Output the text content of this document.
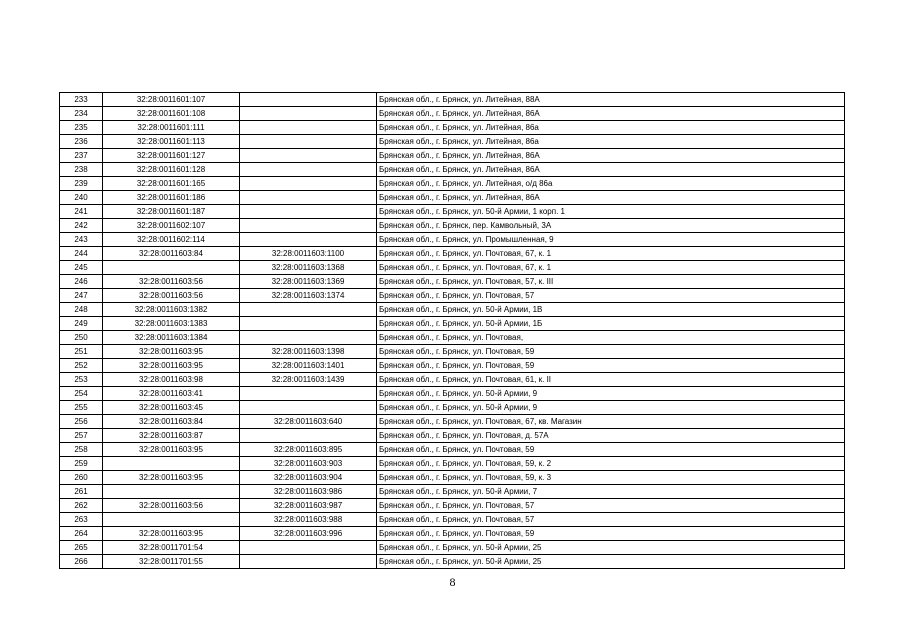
233	32:28:0011601:107		Брянская обл., г. Брянск, ул. Литейная, 88А
234	32:28:0011601:108		Брянская обл., г. Брянск, ул. Литейная, 86А
235	32:28:0011601:111		Брянская обл., г. Брянск, ул. Литейная, 86а
236	32:28:0011601:113		Брянская обл., г. Брянск, ул. Литейная, 86а
237	32:28:0011601:127		Брянская обл., г. Брянск, ул. Литейная, 86А
238	32:28:0011601:128		Брянская обл., г. Брянск, ул. Литейная, 86А
239	32:28:0011601:165		Брянская обл., г. Брянск, ул. Литейная, о/д 86а
240	32:28:0011601:186		Брянская обл., г. Брянск, ул. Литейная, 86А
241	32:28:0011601:187		Брянская обл., г. Брянск, ул. 50-й Армии, 1 корп. 1
242	32:28:0011602:107		Брянская обл., г. Брянск, пер. Камвольный, 3А
243	32:28:0011602:114		Брянская обл., г. Брянск, ул. Промышленная, 9
244	32:28:0011603:84	32:28:0011603:1100	Брянская обл., г. Брянск, ул. Почтовая, 67, к. 1
245		32:28:0011603:1368	Брянская обл., г. Брянск, ул. Почтовая, 67, к. 1
246	32:28:0011603:56	32:28:0011603:1369	Брянская обл., г. Брянск, ул. Почтовая, 57, к. III
247	32:28:0011603:56	32:28:0011603:1374	Брянская обл., г. Брянск, ул. Почтовая, 57
248	32:28:0011603:1382		Брянская обл., г. Брянск, ул. 50-й Армии, 1В
249	32:28:0011603:1383		Брянская обл., г. Брянск, ул. 50-й Армии, 1Б
250	32:28:0011603:1384		Брянская обл., г. Брянск, ул. Почтовая,
251	32:28:0011603:95	32:28:0011603:1398	Брянская обл., г. Брянск, ул. Почтовая, 59
252	32:28:0011603:95	32:28:0011603:1401	Брянская обл., г. Брянск, ул. Почтовая, 59
253	32:28:0011603:98	32:28:0011603:1439	Брянская обл., г. Брянск, ул. Почтовая, 61, к. II
254	32:28:0011603:41		Брянская обл., г. Брянск, ул. 50-й Армии, 9
255	32:28:0011603:45		Брянская обл., г. Брянск, ул. 50-й Армии, 9
256	32:28:0011603:84	32:28:0011603:640	Брянская обл., г. Брянск, ул. Почтовая, 67, кв. Магазин
257	32:28:0011603:87		Брянская обл., г. Брянск, ул. Почтовая, д. 57А
258	32:28:0011603:95	32:28:0011603:895	Брянская обл., г. Брянск, ул. Почтовая, 59
259		32:28:0011603:903	Брянская обл., г. Брянск, ул. Почтовая, 59, к. 2
260	32:28:0011603:95	32:28:0011603:904	Брянская обл., г. Брянск, ул. Почтовая, 59, к. 3
261		32:28:0011603:986	Брянская обл., г. Брянск, ул. 50-й Армии, 7
262	32:28:0011603:56	32:28:0011603:987	Брянская обл., г. Брянск, ул. Почтовая, 57
263		32:28:0011603:988	Брянская обл., г. Брянск, ул. Почтовая, 57
264	32:28:0011603:95	32:28:0011603:996	Брянская обл., г. Брянск, ул. Почтовая, 59
265	32:28:0011701:54		Брянская обл., г. Брянск, ул. 50-й Армии, 25
266	32:28:0011701:55		Брянская обл., г. Брянск, ул. 50-й Армии, 25
8
